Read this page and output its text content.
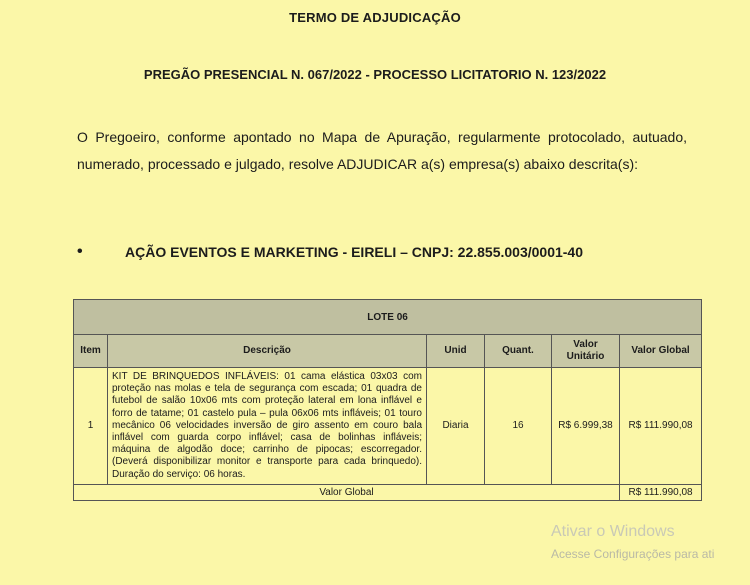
TERMO DE ADJUDICAÇÃO
PREGÃO PRESENCIAL N. 067/2022 - PROCESSO LICITATORIO N. 123/2022
O Pregoeiro, conforme apontado no Mapa de Apuração, regularmente protocolado, autuado, numerado, processado e julgado, resolve ADJUDICAR a(s) empresa(s) abaixo descrita(s):
•	AÇÃO EVENTOS E MARKETING - EIRELI – CNPJ: 22.855.003/0001-40
LOTE 06					
Item	Descrição	Unid	Quant.	Valor Unitário	Valor Global
1	KIT DE BRINQUEDOS INFLÁVEIS: 01 cama elástica 03x03 com proteção nas molas e tela de segurança com escada; 01 quadra de futebol de salão 10x06 mts com proteção lateral em lona inflável e forro de tatame; 01 castelo pula – pula 06x06 mts infláveis; 01 touro mecânico 06 velocidades inversão de giro assento em couro bala inflável com guarda corpo inflável; casa de bolinhas infláveis; máquina de algodão doce; carrinho de pipocas; escorregador. (Deverá disponibilizar monitor e transporte para cada brinquedo). Duração do serviço: 06 horas.	Diaria	16	R$ 6.999,38	R$ 111.990,08
Valor Global					R$ 111.990,08
Ativar o Windows
Acesse Configurações para ati
